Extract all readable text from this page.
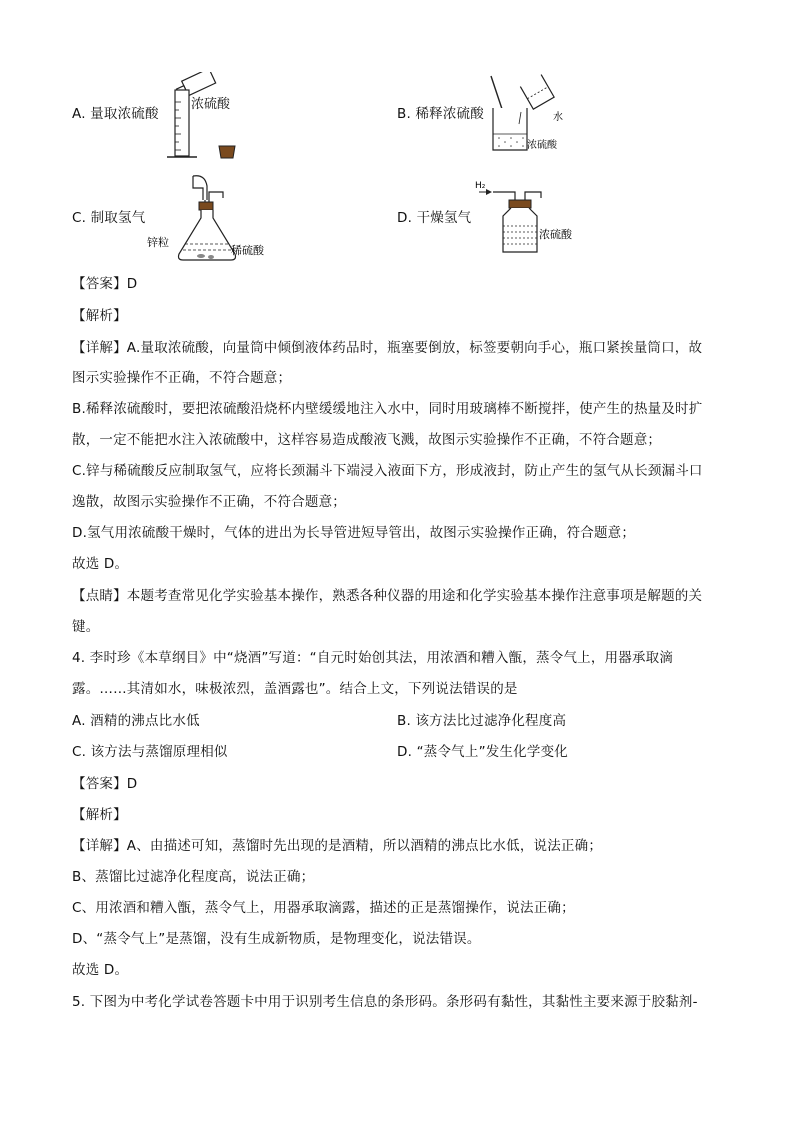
A. 量取浓硫酸
浓硫酸
B. 稀释浓硫酸	水
浓硫酸
C. 制取氢气
锌粒
稀硫酸
D. 干燥氢气
H₂
浓硫酸
【答案】D
【解析】
【详解】A.量取浓硫酸，向量筒中倾倒液体药品时，瓶塞要倒放，标签要朝向手心，瓶口紧挨量筒口，故
图示实验操作不正确，不符合题意；
B.稀释浓硫酸时，要把浓硫酸沿烧杯内壁缓缓地注入水中，同时用玻璃棒不断搅拌，使产生的热量及时扩
散，一定不能把水注入浓硫酸中，这样容易造成酸液飞溅，故图示实验操作不正确，不符合题意；
C.锌与稀硫酸反应制取氢气，应将长颈漏斗下端浸入液面下方，形成液封，防止产生的氢气从长颈漏斗口
逸散，故图示实验操作不正确，不符合题意；
D.氢气用浓硫酸干燥时，气体的进出为长导管进短导管出，故图示实验操作正确，符合题意；
故选 D。
【点睛】本题考查常见化学实验基本操作，熟悉各种仪器的用途和化学实验基本操作注意事项是解题的关
键。
4. 李时珍《本草纲目》中“烧酒”写道：“自元时始创其法，用浓酒和糟入甑，蒸令气上，用器承取滴
露。……其清如水，味极浓烈，盖酒露也”。结合上文，下列说法错误的是
A. 酒精的沸点比水低	B. 该方法比过滤净化程度高
C. 该方法与蒸馏原理相似	D. “蒸令气上”发生化学变化
【答案】D
【解析】
【详解】A、由描述可知，蒸馏时先出现的是酒精，所以酒精的沸点比水低，说法正确；
B、蒸馏比过滤净化程度高，说法正确；
C、用浓酒和糟入甑，蒸令气上，用器承取滴露，描述的正是蒸馏操作，说法正确；
D、“蒸令气上”是蒸馏，没有生成新物质，是物理变化，说法错误。
故选 D。
5. 下图为中考化学试卷答题卡中用于识别考生信息的条形码。条形码有黏性，其黏性主要来源于胶黏剂-
